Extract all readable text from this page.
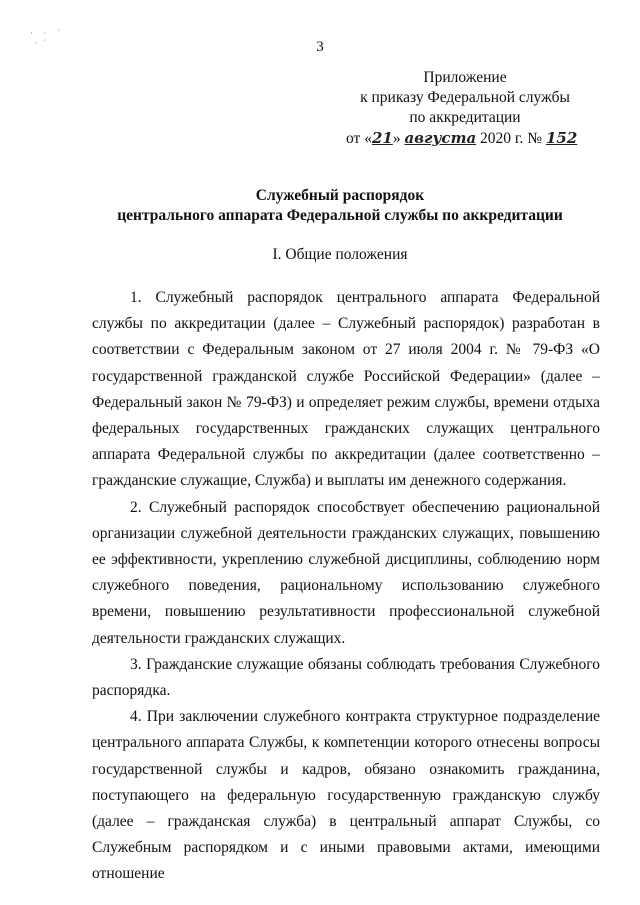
·  ·  ´
· ´	3
Приложение
к приказу Федеральной службы
по аккредитации
от «21» августа 2020 г. № 152
Служебный распорядок
центрального аппарата Федеральной службы по аккредитации
I. Общие положения

1. Служебный распорядок центрального аппарата Федеральной службы по аккредитации (далее – Служебный распорядок) разработан в соответствии с Федеральным законом от 27 июля 2004 г. № 79-ФЗ «О государственной гражданской службе Российской Федерации» (далее – Федеральный закон № 79-ФЗ) и определяет режим службы, времени отдыха федеральных государственных гражданских служащих центрального аппарата Федеральной службы по аккредитации (далее соответственно – гражданские служащие, Служба) и выплаты им денежного содержания.

2. Служебный распорядок способствует обеспечению рациональной организации служебной деятельности гражданских служащих, повышению ее эффективности, укреплению служебной дисциплины, соблюдению норм служебного поведения, рациональному использованию служебного времени, повышению результативности профессиональной служебной деятельности гражданских служащих.

3. Гражданские служащие обязаны соблюдать требования Служебного распорядка.

4. При заключении служебного контракта структурное подразделение центрального аппарата Службы, к компетенции которого отнесены вопросы государственной службы и кадров, обязано ознакомить гражданина, поступающего на федеральную государственную гражданскую службу (далее – гражданская служба) в центральный аппарат Службы, со Служебным распорядком и с иными правовыми актами, имеющими отношение
